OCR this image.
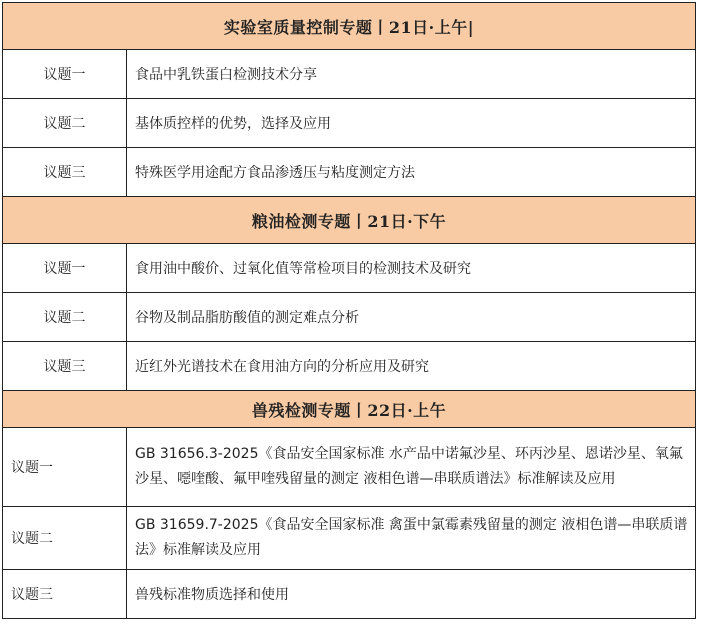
实验室质量控制专题丨21日·上午|	
议题一	食品中乳铁蛋白检测技术分享
议题二	基体质控样的优势，选择及应用
议题三	特殊医学用途配方食品渗透压与粘度测定方法
粮油检测专题丨21日·下午	
议题一	食用油中酸价、过氧化值等常检项目的检测技术及研究
议题二	谷物及制品脂肪酸值的测定难点分析
议题三	近红外光谱技术在食用油方向的分析应用及研究
兽残检测专题丨22日·上午	
议题一	GB 31656.3-2025《食品安全国家标准 水产品中诺氟沙星、环丙沙星、恩诺沙星、氧氟沙星、噁喹酸、氟甲喹残留量的测定 液相色谱—串联质谱法》标准解读及应用
议题二	GB 31659.7-2025《食品安全国家标准 禽蛋中氯霉素残留量的测定 液相色谱—串联质谱法》标准解读及应用
议题三	兽残标准物质选择和使用
